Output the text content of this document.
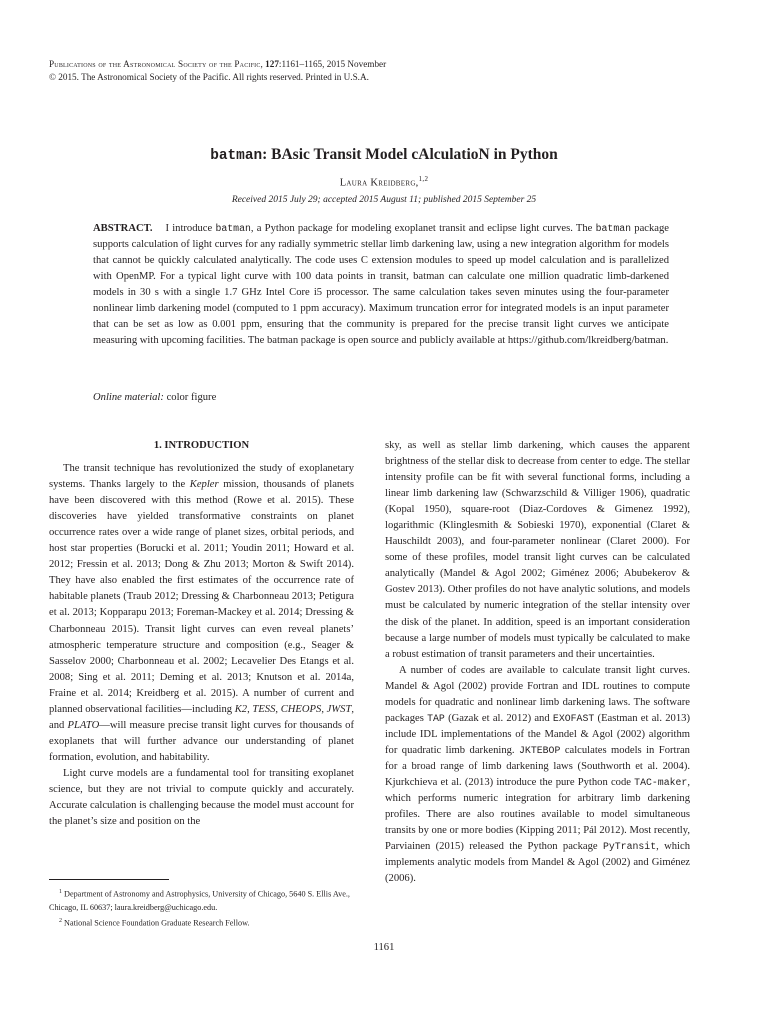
Publications of the Astronomical Society of the Pacific, 127:1161–1165, 2015 November
© 2015. The Astronomical Society of the Pacific. All rights reserved. Printed in U.S.A.
batman: BAsic Transit Model cAlculatioN in Python
Laura Kreidberg,$^{1,2}$
Received 2015 July 29; accepted 2015 August 11; published 2015 September 25
ABSTRACT. I introduce batman, a Python package for modeling exoplanet transit and eclipse light curves. The batman package supports calculation of light curves for any radially symmetric stellar limb darkening law, using a new integration algorithm for models that cannot be quickly calculated analytically. The code uses C extension modules to speed up model calculation and is parallelized with OpenMP. For a typical light curve with 100 data points in transit, batman can calculate one million quadratic limb-darkened models in 30 s with a single 1.7 GHz Intel Core i5 processor. The same calculation takes seven minutes using the four-parameter nonlinear limb darkening model (computed to 1 ppm accuracy). Maximum truncation error for integrated models is an input parameter that can be set as low as 0.001 ppm, ensuring that the community is prepared for the precise transit light curves we anticipate measuring with upcoming facilities. The batman package is open source and publicly available at https://github.com/lkreidberg/batman.
Online material: color figure
1. INTRODUCTION

The transit technique has revolutionized the study of exoplanetary systems. Thanks largely to the Kepler mission, thousands of planets have been discovered with this method (Rowe et al. 2015). These discoveries have yielded transformative constraints on planet occurrence rates over a wide range of planet sizes, orbital periods, and host star properties (Borucki et al. 2011; Youdin 2011; Howard et al. 2012; Fressin et al. 2013; Dong & Zhu 2013; Morton & Swift 2014). They have also enabled the first estimates of the occurrence rate of habitable planets (Traub 2012; Dressing & Charbonneau 2013; Petigura et al. 2013; Kopparapu 2013; Foreman-Mackey et al. 2014; Dressing & Charbonneau 2015). Transit light curves can even reveal planets’ atmospheric temperature structure and composition (e.g., Seager & Sasselov 2000; Charbonneau et al. 2002; Lecavelier Des Etangs et al. 2008; Sing et al. 2011; Deming et al. 2013; Knutson et al. 2014a, Fraine et al. 2014; Kreidberg et al. 2015). A number of current and planned observational facilities—including K2, TESS, CHEOPS, JWST, and PLATO—will measure precise transit light curves for thousands of exoplanets that will further advance our understanding of planet formation, evolution, and habitability.

Light curve models are a fundamental tool for transiting exoplanet science, but they are not trivial to compute quickly and accurately. Accurate calculation is challenging because the model must account for the planet’s size and position on the

sky, as well as stellar limb darkening, which causes the apparent brightness of the stellar disk to decrease from center to edge. The stellar intensity profile can be fit with several functional forms, including a linear limb darkening law (Schwarzschild & Villiger 1906), quadratic (Kopal 1950), square-root (Diaz-Cordoves & Gimenez 1992), logarithmic (Klinglesmith & Sobieski 1970), exponential (Claret & Hauschildt 2003), and four-parameter nonlinear (Claret 2000). For some of these profiles, model transit light curves can be calculated analytically (Mandel & Agol 2002; Giménez 2006; Abubekerov & Gostev 2013). Other profiles do not have analytic solutions, and models must be calculated by numeric integration of the stellar intensity over the disk of the planet. In addition, speed is an important consideration because a large number of models must typically be calculated to make a robust estimation of transit parameters and their uncertainties.

A number of codes are available to calculate transit light curves. Mandel & Agol (2002) provide Fortran and IDL routines to compute models for quadratic and nonlinear limb darkening laws. The software packages TAP (Gazak et al. 2012) and EXOFAST (Eastman et al. 2013) include IDL implementations of the Mandel & Agol (2002) algorithm for quadratic limb darkening. JKTEBOP calculates models in Fortran for a broad range of limb darkening laws (Southworth et al. 2004). Kjurkchieva et al. (2013) introduce the pure Python code TAC-maker, which performs numeric integration for arbitrary limb darkening profiles. There are also routines available to model simultaneous transits by one or more bodies (Kipping 2011; Pál 2012). Most recently, Parviainen (2015) released the Python package PyTransit, which implements analytic models from Mandel & Agol (2002) and Giménez (2006).

$^1$ Department of Astronomy and Astrophysics, University of Chicago, 5640 S. Ellis Ave., Chicago, IL 60637; laura.kreidberg@uchicago.edu.
$^2$ National Science Foundation Graduate Research Fellow.
1161
